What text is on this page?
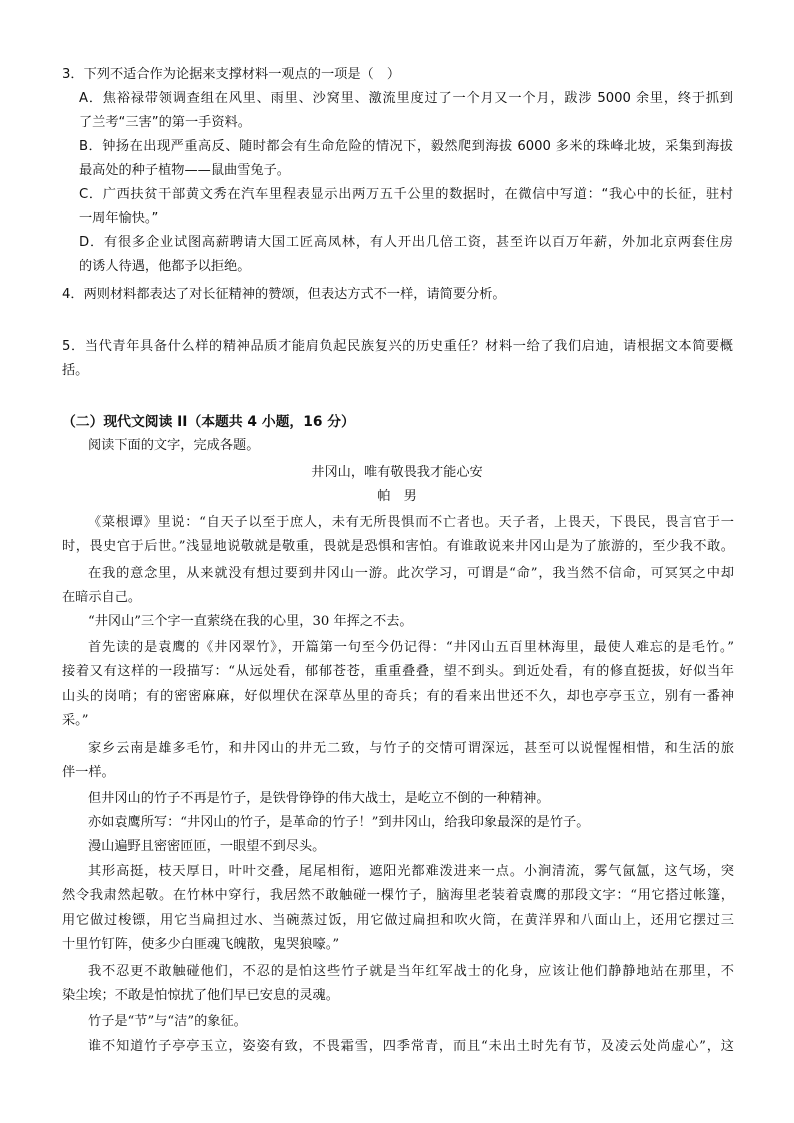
3．下列不适合作为论据来支撑材料一观点的一项是（　）
A．焦裕禄带领调查组在风里、雨里、沙窝里、激流里度过了一个月又一个月，跋涉 5000 余里，终于抓到
了兰考“三害”的第一手资料。
B．钟扬在出现严重高反、随时都会有生命危险的情况下，毅然爬到海拔 6000 多米的珠峰北坡，采集到海拔
最高处的种子植物——鼠曲雪兔子。
C．广西扶贫干部黄文秀在汽车里程表显示出两万五千公里的数据时，在微信中写道：“我心中的长征，驻村
一周年愉快。”
D．有很多企业试图高薪聘请大国工匠高凤林，有人开出几倍工资，甚至许以百万年薪，外加北京两套住房
的诱人待遇，他都予以拒绝。
4．两则材料都表达了对长征精神的赞颂，但表达方式不一样，请简要分析。
5．当代青年具备什么样的精神品质才能肩负起民族复兴的历史重任？材料一给了我们启迪，请根据文本简要概
括。
（二）现代文阅读 II（本题共 4 小题，16 分）
阅读下面的文字，完成各题。
井冈山，唯有敬畏我才能心安
帕　男
《菜根谭》里说：“自天子以至于庶人，未有无所畏惧而不亡者也。天子者，上畏天，下畏民，畏言官于一
时，畏史官于后世。”浅显地说敬就是敬重，畏就是恐惧和害怕。有谁敢说来井冈山是为了旅游的，至少我不敢。
在我的意念里，从来就没有想过要到井冈山一游。此次学习，可谓是“命”，我当然不信命，可冥冥之中却
在暗示自己。
“井冈山”三个字一直萦绕在我的心里，30 年挥之不去。
首先读的是袁鹰的《井冈翠竹》，开篇第一句至今仍记得：“井冈山五百里林海里，最使人难忘的是毛竹。”
接着又有这样的一段描写：“从远处看，郁郁苍苍，重重叠叠，望不到头。到近处看，有的修直挺拔，好似当年
山头的岗哨；有的密密麻麻，好似埋伏在深草丛里的奇兵；有的看来出世还不久，却也亭亭玉立，别有一番神
采。”
家乡云南是雄多毛竹，和井冈山的井无二致，与竹子的交情可谓深远，甚至可以说惺惺相惜，和生活的旅
伴一样。
但井冈山的竹子不再是竹子，是铁骨铮铮的伟大战士，是屹立不倒的一种精神。
亦如袁鹰所写：“井冈山的竹子，是革命的竹子！”到井冈山，给我印象最深的是竹子。
漫山遍野且密密匝匝，一眼望不到尽头。
其形高挺，枝天厚日，叶叶交叠，尾尾相衔，遮阳光都难泼进来一点。小涧清流，雾气氤氲，这气场，突
然令我肃然起敬。在竹林中穿行，我居然不敢触碰一棵竹子，脑海里老装着袁鹰的那段文字：“用它搭过帐篷，
用它做过梭镖，用它当扁担过水、当碗蒸过饭，用它做过扁担和吹火筒，在黄洋界和八面山上，还用它摆过三
十里竹钉阵，使多少白匪魂飞魄散，鬼哭狼嚎。”
我不忍更不敢触碰他们，不忍的是怕这些竹子就是当年红军战士的化身，应该让他们静静地站在那里，不
染尘埃；不敢是怕惊扰了他们早已安息的灵魂。
竹子是“节”与“洁”的象征。
谁不知道竹子亭亭玉立，姿姿有致，不畏霜雪，四季常青，而且“未出土时先有节，及凌云处尚虚心”，这
